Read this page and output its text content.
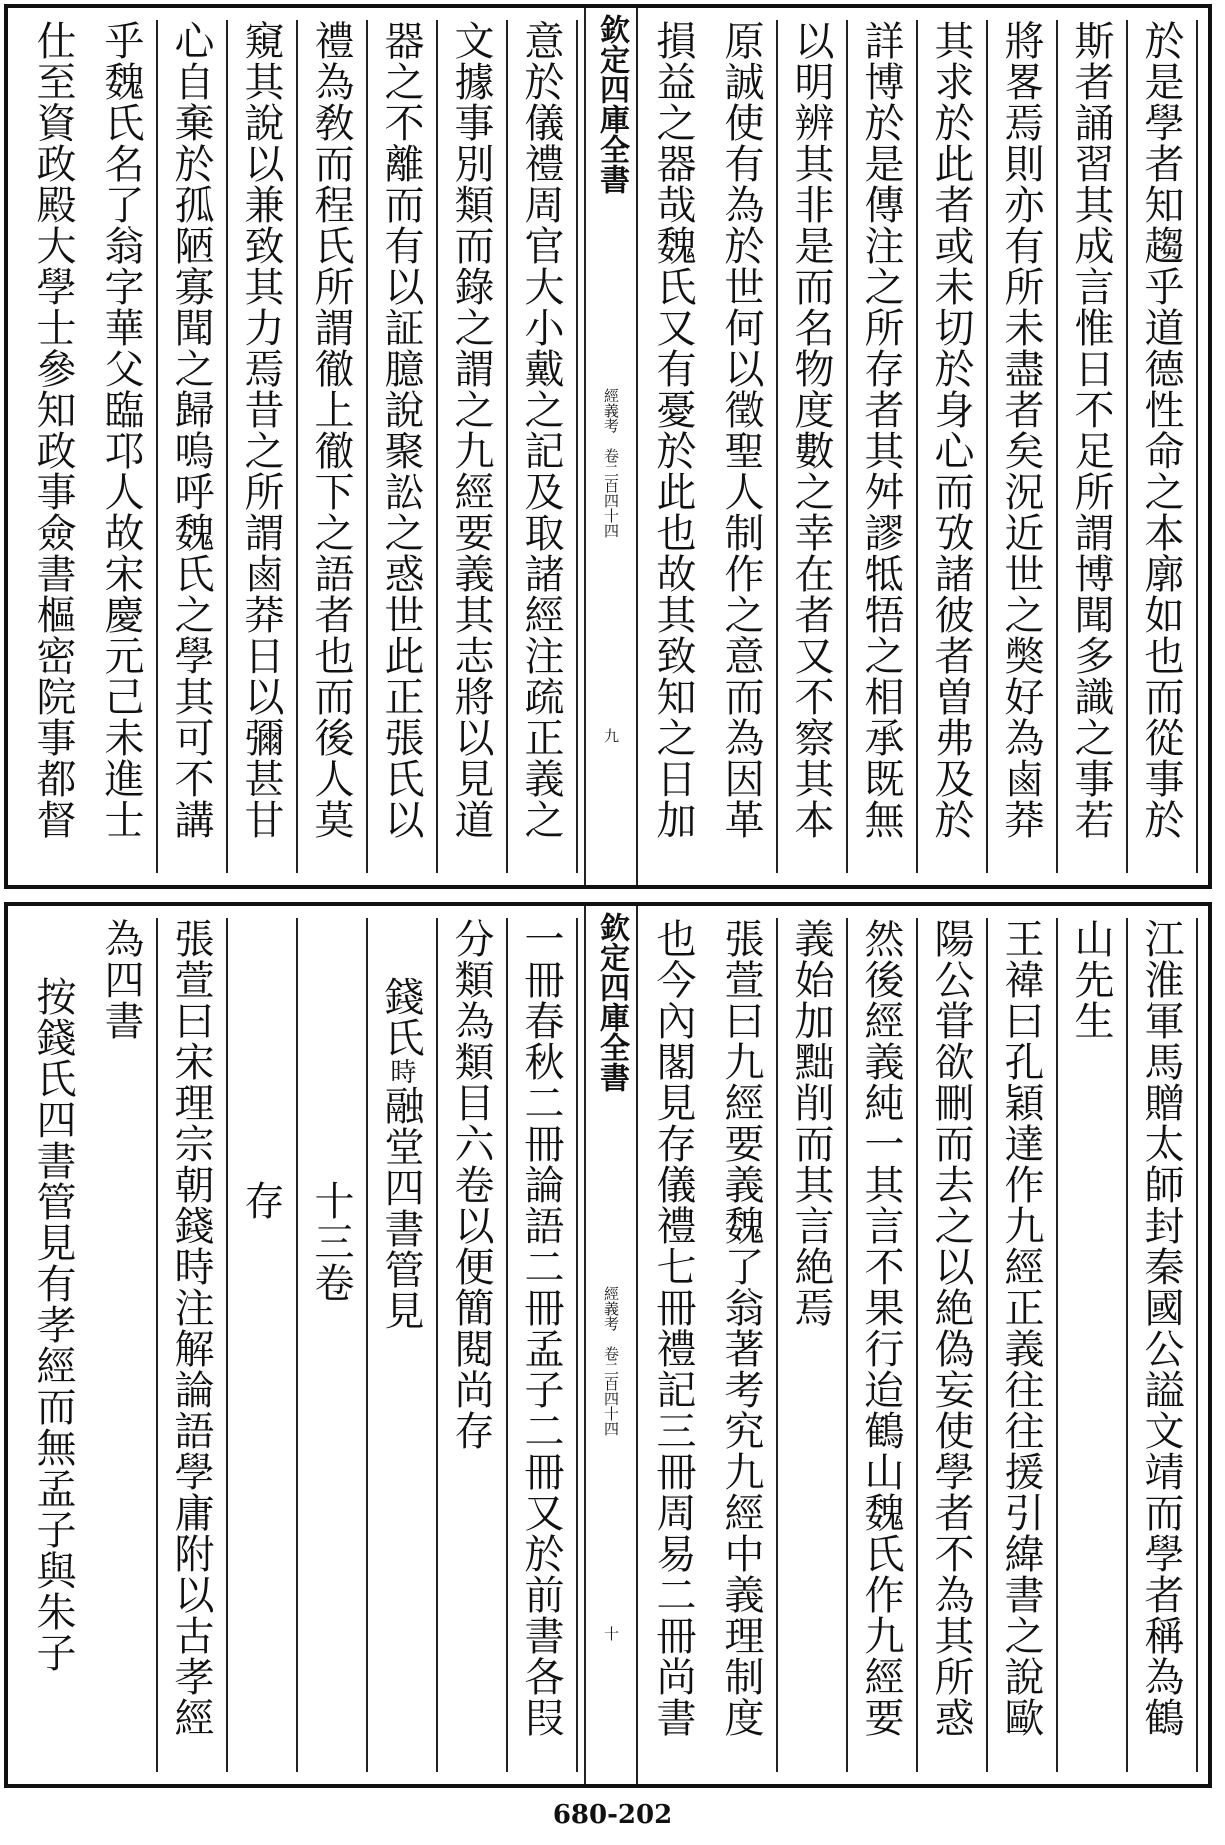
於是學者知趨乎道德性命之本廓如也而從事於
斯者誦習其成言惟日不足所謂博聞多識之事若
將畧焉則亦有所未盡者矣況近世之獘好為鹵莽
其求於此者或未切於身心而攷諸彼者曽弗及於
詳博於是傳注之所存者其舛謬牴牾之相承既無
以明辨其非是而名物度數之幸在者又不察其本
原誠使有為於世何以徵聖人制作之意而為因革
損益之器哉魏氏又有憂於此也故其致知之日加
欽定四庫全書
經義考　卷二百四十四
九
意於儀禮周官大小戴之記及取諸經注疏正義之
文據事別類而錄之謂之九經要義其志將以見道
器之不離而有以証臆說聚訟之惑世此正張氏以
禮為敎而程氏所謂徹上徹下之語者也而後人莫
窺其說以兼致其力焉昔之所謂鹵莽日以彌甚甘
心自棄於孤陋寡聞之歸嗚呼魏氏之學其可不講
乎魏氏名了翁字華父臨邛人故宋慶元己未進士
仕至資政殿大學士參知政事僉書樞密院事都督
江淮軍馬贈太師封秦國公謚文靖而學者稱為鶴
山先生
王褘曰孔穎達作九經正義往往援引緯書之說歐
陽公甞欲刪而去之以絶偽妄使學者不為其所惑
然後經義純一其言不果行迨鶴山魏氏作九經要
義始加黜削而其言絶焉
張萱曰九經要義魏了翁著考究九經中義理制度
也今內閣見存儀禮七冊禮記三冊周易二冊尚書
欽定四庫全書
經義考　卷二百四十四
十
一冊春秋二冊論語二冊孟子二冊又於前書各叚
分類為類目六卷以便簡閱尚存
錢氏時融堂四書管見
十三卷
存
張萱曰宋理宗朝錢時注解論語學庸附以古孝經
為四書
按錢氏四書管見有孝經而無孟子與朱子
680-202
